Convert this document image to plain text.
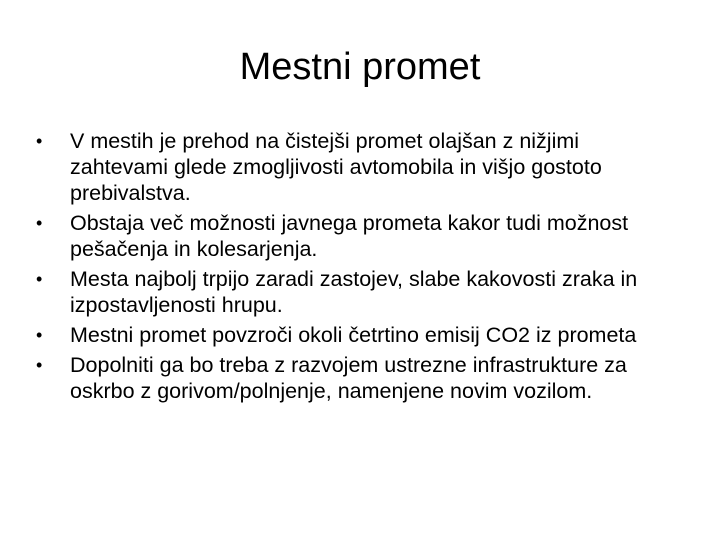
Mestni promet
•	V mestih je prehod na čistejši promet olajšan z nižjimi zahtevami glede zmogljivosti avtomobila in višjo gostoto prebivalstva.
•	Obstaja več možnosti javnega prometa kakor tudi možnost pešačenja in kolesarjenja.
•	Mesta najbolj trpijo zaradi zastojev, slabe kakovosti zraka in izpostavljenosti hrupu.
•	Mestni promet povzroči okoli četrtino emisij CO2 iz prometa
•	Dopolniti ga bo treba z razvojem ustrezne infrastrukture za oskrbo z gorivom/polnjenje, namenjene novim vozilom.
